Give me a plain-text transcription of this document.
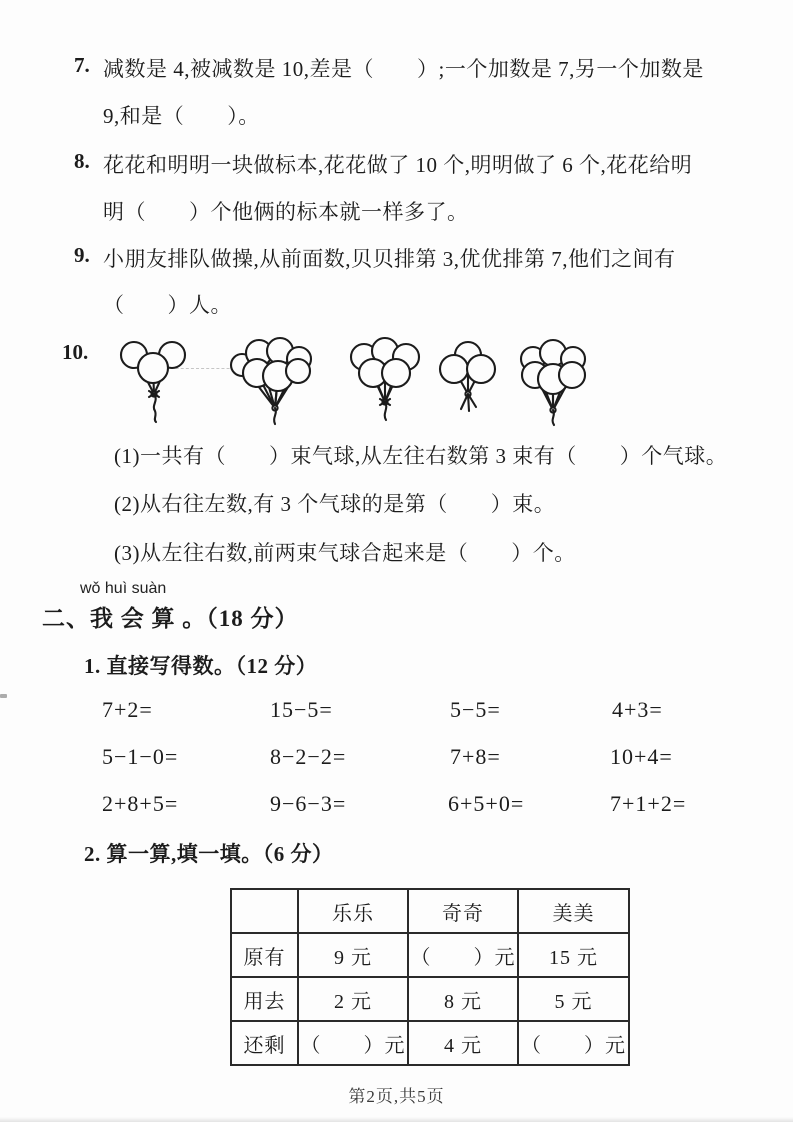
7. 减数是 4,被减数是 10,差是（　　）;一个加数是 7,另一个加数是
9,和是（　　）。
8. 花花和明明一块做标本,花花做了 10 个,明明做了 6 个,花花给明
明（　　）个他俩的标本就一样多了。
9. 小朋友排队做操,从前面数,贝贝排第 3,优优排第 7,他们之间有
（　　）人。
10.
(1)一共有（　　）束气球,从左往右数第 3 束有（　　）个气球。
(2)从右往左数,有 3 个气球的是第（　　）束。
(3)从左往右数,前两束气球合起来是（　　）个。
wǒ huì suàn
二、我 会 算 。（18 分）
1. 直接写得数。（12 分）
7+2=	15−5=	5−5=	4+3=
5−1−0=	8−2−2=	7+8=	10+4=
2+8+5=	9−6−3=	6+5+0=	7+1+2=
2. 算一算,填一填。（6 分）
	乐乐	奇奇	美美
原有	9 元	（　　）元	15 元
用去	2 元	8 元	5 元
还剩	（　　）元	4 元	（　　）元
第2页,共5页
